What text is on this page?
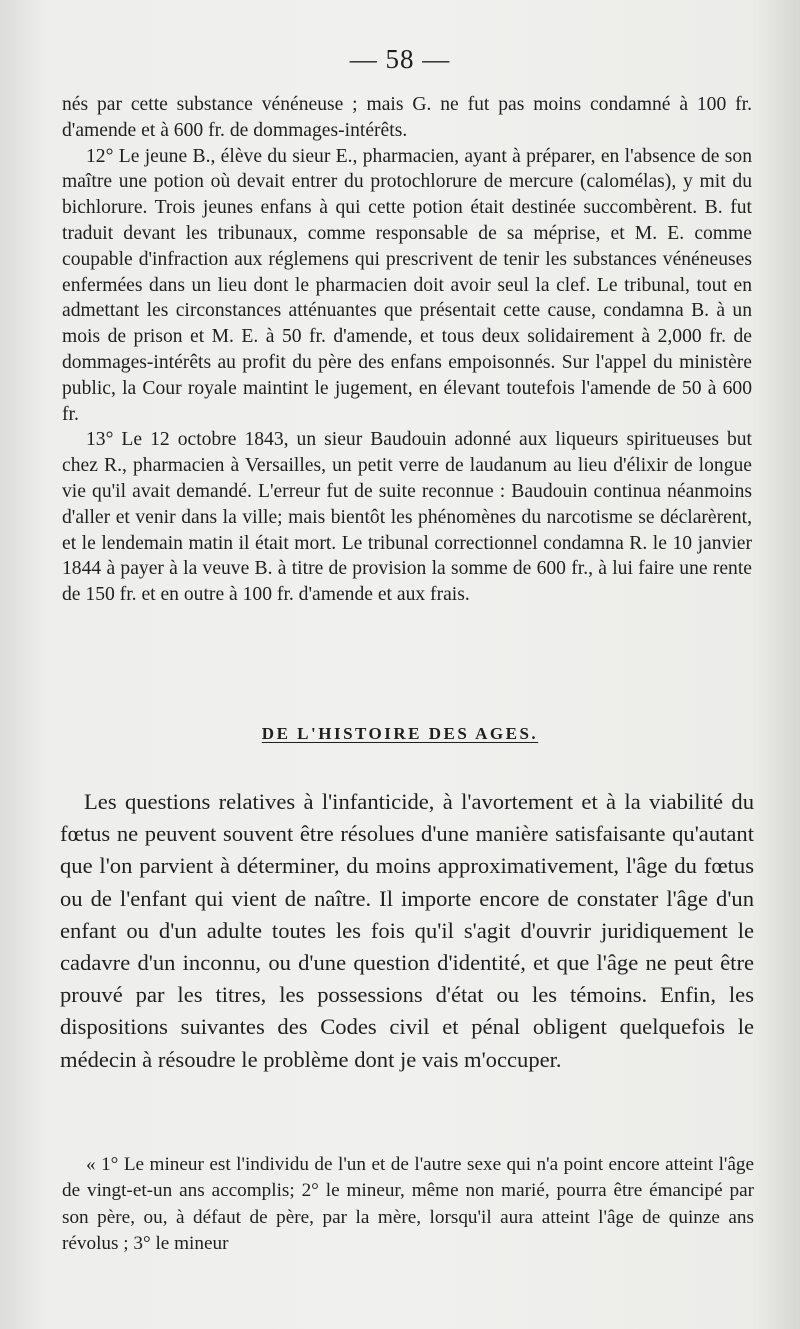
— 58 —

nés par cette substance vénéneuse ; mais G. ne fut pas moins condamné à 100 fr. d'amende et à 600 fr. de dommages-intérêts.

12° Le jeune B., élève du sieur E., pharmacien, ayant à préparer, en l'absence de son maître une potion où devait entrer du protochlorure de mercure (calomélas), y mit du bichlorure. Trois jeunes enfans à qui cette potion était destinée succombèrent. B. fut traduit devant les tribunaux, comme responsable de sa méprise, et M. E. comme coupable d'infraction aux réglemens qui prescrivent de tenir les substances vénéneuses enfermées dans un lieu dont le pharmacien doit avoir seul la clef. Le tribunal, tout en admettant les circonstances atténuantes que présentait cette cause, condamna B. à un mois de prison et M. E. à 50 fr. d'amende, et tous deux solidairement à 2,000 fr. de dommages-intérêts au profit du père des enfans empoisonnés. Sur l'appel du ministère public, la Cour royale maintint le jugement, en élevant toutefois l'amende de 50 à 600 fr.

13° Le 12 octobre 1843, un sieur Baudouin adonné aux liqueurs spiritueuses but chez R., pharmacien à Versailles, un petit verre de laudanum au lieu d'élixir de longue vie qu'il avait demandé. L'erreur fut de suite reconnue : Baudouin continua néanmoins d'aller et venir dans la ville; mais bientôt les phénomènes du narcotisme se déclarèrent, et le lendemain matin il était mort. Le tribunal correctionnel condamna R. le 10 janvier 1844 à payer à la veuve B. à titre de provision la somme de 600 fr., à lui faire une rente de 150 fr. et en outre à 100 fr. d'amende et aux frais.

DE L'HISTOIRE DES AGES.

Les questions relatives à l'infanticide, à l'avortement et à la viabilité du fœtus ne peuvent souvent être résolues d'une manière satisfaisante qu'autant que l'on parvient à déterminer, du moins approximativement, l'âge du fœtus ou de l'enfant qui vient de naître. Il importe encore de constater l'âge d'un enfant ou d'un adulte toutes les fois qu'il s'agit d'ouvrir juridiquement le cadavre d'un inconnu, ou d'une question d'identité, et que l'âge ne peut être prouvé par les titres, les possessions d'état ou les témoins. Enfin, les dispositions suivantes des Codes civil et pénal obligent quelquefois le médecin à résoudre le problème dont je vais m'occuper.

« 1° Le mineur est l'individu de l'un et de l'autre sexe qui n'a point encore atteint l'âge de vingt-et-un ans accomplis; 2° le mineur, même non marié, pourra être émancipé par son père, ou, à défaut de père, par la mère, lorsqu'il aura atteint l'âge de quinze ans révolus ; 3° le mineur
